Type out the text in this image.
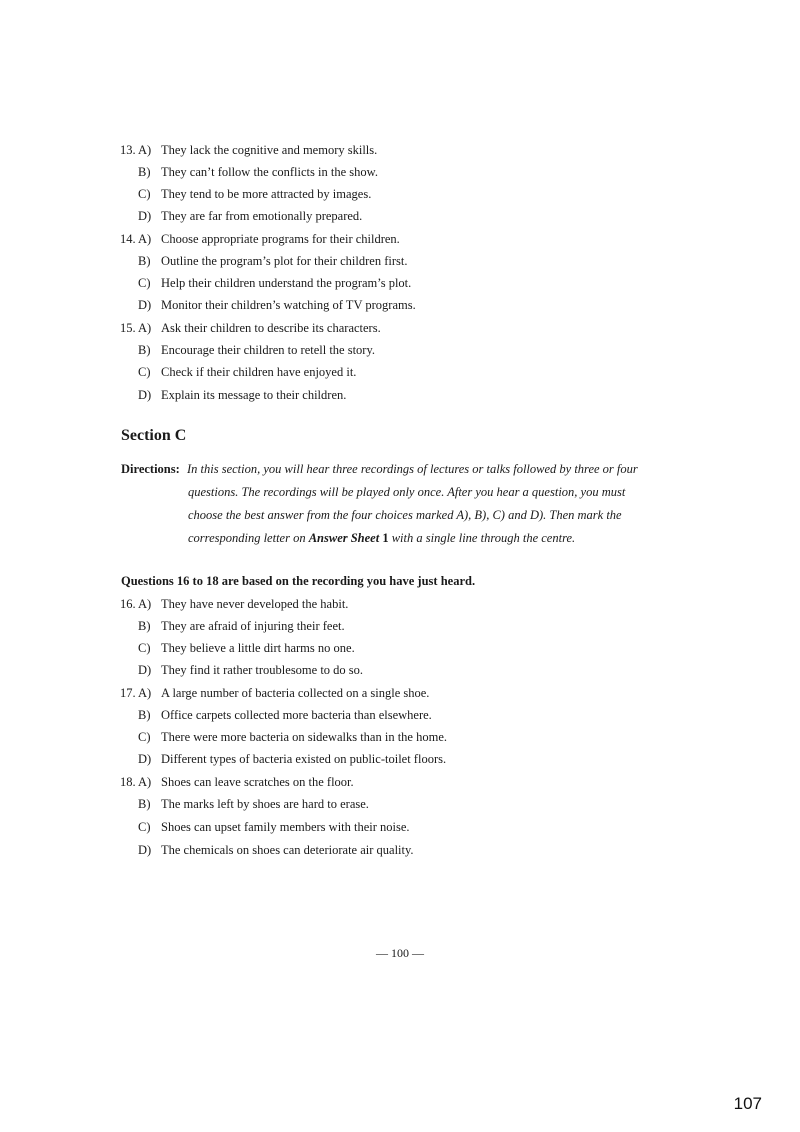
13. A) They lack the cognitive and memory skills.
B) They can’t follow the conflicts in the show.
C) They tend to be more attracted by images.
D) They are far from emotionally prepared.
14. A) Choose appropriate programs for their children.
B) Outline the program’s plot for their children first.
C) Help their children understand the program’s plot.
D) Monitor their children’s watching of TV programs.
15. A) Ask their children to describe its characters.
B) Encourage their children to retell the story.
C) Check if their children have enjoyed it.
D) Explain its message to their children.
Section C
Directions: In this section, you will hear three recordings of lectures or talks followed by three or four
questions. The recordings will be played only once. After you hear a question, you must
choose the best answer from the four choices marked A), B), C) and D). Then mark the
corresponding letter on Answer Sheet 1 with a single line through the centre.
Questions 16 to 18 are based on the recording you have just heard.
16. A) They have never developed the habit.
B) They are afraid of injuring their feet.
C) They believe a little dirt harms no one.
D) They find it rather troublesome to do so.
17. A) A large number of bacteria collected on a single shoe.
B) Office carpets collected more bacteria than elsewhere.
C) There were more bacteria on sidewalks than in the home.
D) Different types of bacteria existed on public-toilet floors.
18. A) Shoes can leave scratches on the floor.
B) The marks left by shoes are hard to erase.
C) Shoes can upset family members with their noise.
D) The chemicals on shoes can deteriorate air quality.
— 100 —
107
